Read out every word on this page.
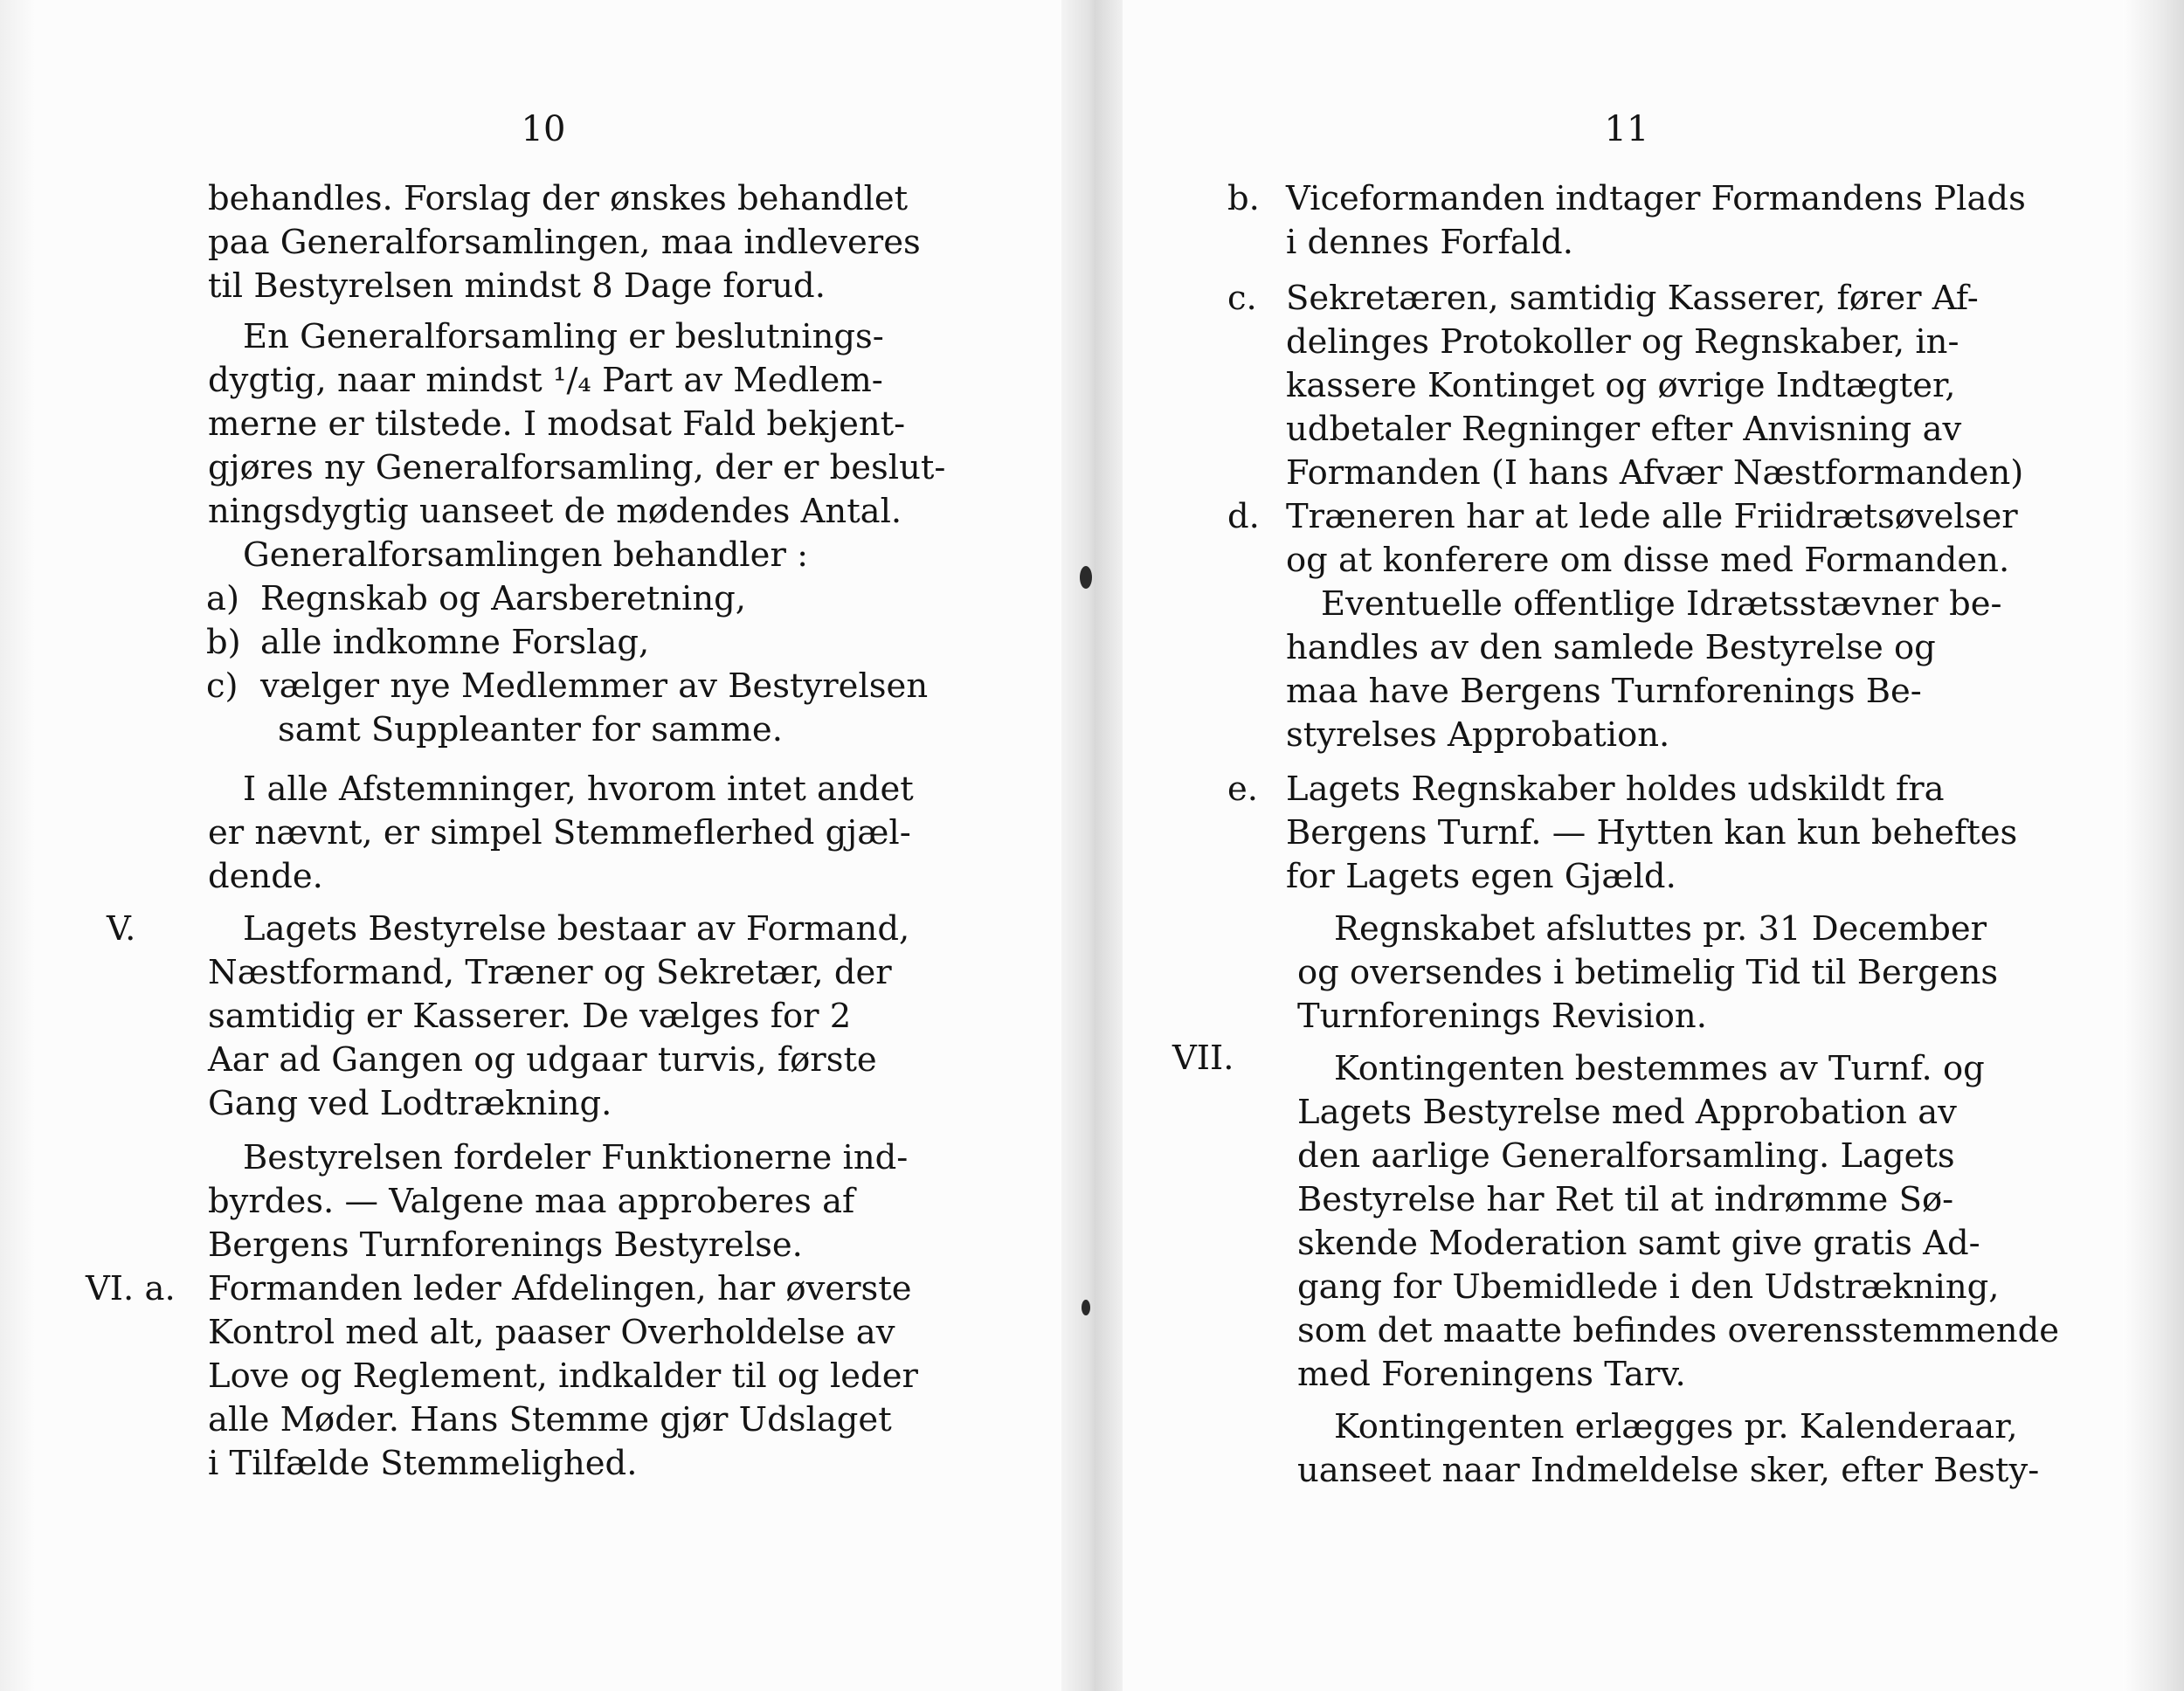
10
behandles. Forslag der ønskes behandlet
paa Generalforsamlingen, maa indleveres
til Bestyrelsen mindst 8 Dage forud.
En Generalforsamling er beslutnings-
dygtig, naar mindst ¹/₄ Part av Medlem-
merne er tilstede. I modsat Fald bekjent-
gjøres ny Generalforsamling, der er beslut-
ningsdygtig uanseet de mødendes Antal.
Generalforsamlingen behandler :
a) Regnskab og Aarsberetning,
b) alle indkomne Forslag,
c) vælger nye Medlemmer av Bestyrelsen
samt Suppleanter for samme.
I alle Afstemninger, hvorom intet andet
er nævnt, er simpel Stemmeflerhed gjæl-
dende.
V.	Lagets Bestyrelse bestaar av Formand,
Næstformand, Træner og Sekretær, der
samtidig er Kasserer. De vælges for 2
Aar ad Gangen og udgaar turvis, første
Gang ved Lodtrækning.
Bestyrelsen fordeler Funktionerne ind-
byrdes. — Valgene maa approberes af
Bergens Turnforenings Bestyrelse.
VI. a. Formanden leder Afdelingen, har øverste
Kontrol med alt, paaser Overholdelse av
Love og Reglement, indkalder til og leder
alle Møder. Hans Stemme gjør Udslaget
i Tilfælde Stemmelighed.
11
b. Viceformanden indtager Formandens Plads
i dennes Forfald.
c. Sekretæren, samtidig Kasserer, fører Af-
delinges Protokoller og Regnskaber, in-
kassere Kontinget og øvrige Indtægter,
udbetaler Regninger efter Anvisning av
Formanden (I hans Afvær Næstformanden)
d. Træneren har at lede alle Friidrætsøvelser
og at konferere om disse med Formanden.
Eventuelle offentlige Idrætsstævner be-
handles av den samlede Bestyrelse og
maa have Bergens Turnforenings Be-
styrelses Approbation.
e. Lagets Regnskaber holdes udskildt fra
Bergens Turnf. — Hytten kan kun beheftes
for Lagets egen Gjæld.
Regnskabet afsluttes pr. 31 December
og oversendes i betimelig Tid til Bergens
Turnforenings Revision.
VII.	Kontingenten bestemmes av Turnf. og
Lagets Bestyrelse med Approbation av
den aarlige Generalforsamling. Lagets
Bestyrelse har Ret til at indrømme Sø-
skende Moderation samt give gratis Ad-
gang for Ubemidlede i den Udstrækning,
som det maatte befindes overensstemmende
med Foreningens Tarv.
Kontingenten erlægges pr. Kalenderaar,
uanseet naar Indmeldelse sker, efter Besty-
